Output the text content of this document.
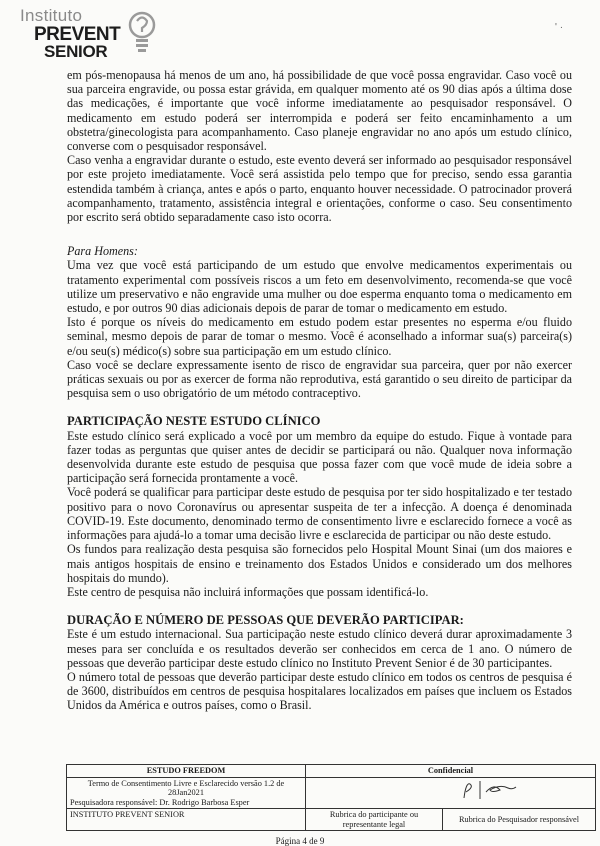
Instituto
PREVENT
SENIOR
' ·

em pós-menopausa há menos de um ano, há possibilidade de que você possa engravidar. Caso você ou sua parceira engravide, ou possa estar grávida, em qualquer momento até os 90 dias após a última dose das medicações, é importante que você informe imediatamente ao pesquisador responsável. O medicamento em estudo poderá ser interrompida e poderá ser feito encaminhamento a um obstetra/ginecologista para acompanhamento. Caso planeje engravidar no ano após um estudo clínico, converse com o pesquisador responsável.

Caso venha a engravidar durante o estudo, este evento deverá ser informado ao pesquisador responsável por este projeto imediatamente. Você será assistida pelo tempo que for preciso, sendo essa garantia estendida também à criança, antes e após o parto, enquanto houver necessidade. O patrocinador proverá acompanhamento, tratamento, assistência integral e orientações, conforme o caso. Seu consentimento por escrito será obtido separadamente caso isto ocorra.

Para Homens:

Uma vez que você está participando de um estudo que envolve medicamentos experimentais ou tratamento experimental com possíveis riscos a um feto em desenvolvimento, recomenda-se que você utilize um preservativo e não engravide uma mulher ou doe esperma enquanto toma o medicamento em estudo, e por outros 90 dias adicionais depois de parar de tomar o medicamento em estudo.

Isto é porque os níveis do medicamento em estudo podem estar presentes no esperma e/ou fluido seminal, mesmo depois de parar de tomar o mesmo. Você é aconselhado a informar sua(s) parceira(s) e/ou seu(s) médico(s) sobre sua participação em um estudo clínico.

Caso você se declare expressamente isento de risco de engravidar sua parceira, quer por não exercer práticas sexuais ou por as exercer de forma não reprodutiva, está garantido o seu direito de participar da pesquisa sem o uso obrigatório de um método contraceptivo.

PARTICIPAÇÃO NESTE ESTUDO CLÍNICO

Este estudo clínico será explicado a você por um membro da equipe do estudo. Fique à vontade para fazer todas as perguntas que quiser antes de decidir se participará ou não. Qualquer nova informação desenvolvida durante este estudo de pesquisa que possa fazer com que você mude de ideia sobre a participação será fornecida prontamente a você.

Você poderá se qualificar para participar deste estudo de pesquisa por ter sido hospitalizado e ter testado positivo para o novo Coronavírus ou apresentar suspeita de ter a infecção. A doença é denominada COVID-19. Este documento, denominado termo de consentimento livre e esclarecido fornece a você as informações para ajudá-lo a tomar uma decisão livre e esclarecida de participar ou não deste estudo.

Os fundos para realização desta pesquisa são fornecidos pelo Hospital Mount Sinai (um dos maiores e mais antigos hospitais de ensino e treinamento dos Estados Unidos e considerado um dos melhores hospitais do mundo).

Este centro de pesquisa não incluirá informações que possam identificá-lo.

DURAÇÃO E NÚMERO DE PESSOAS QUE DEVERÃO PARTICIPAR:

Este é um estudo internacional. Sua participação neste estudo clínico deverá durar aproximadamente 3 meses para ser concluída e os resultados deverão ser conhecidos em cerca de 1 ano. O número de pessoas que deverão participar deste estudo clínico no Instituto Prevent Senior é de 30 participantes.

O número total de pessoas que deverão participar deste estudo clínico em todos os centros de pesquisa é de 3600, distribuídos em centros de pesquisa hospitalares localizados em países que incluem os Estados Unidos da América e outros países, como o Brasil.

ESTUDO FREEDOM	Confidencial	

Termo de Consentimento Livre e Esclarecido versão 1.2 de 28Jan2021
Pesquisadora responsável: Dr. Rodrigo Barbosa Esper

INSTITUTO PREVENT SENIOR	Rubrica do participante ou representante legal	Rubrica do Pesquisador responsável
Página 4 de 9
